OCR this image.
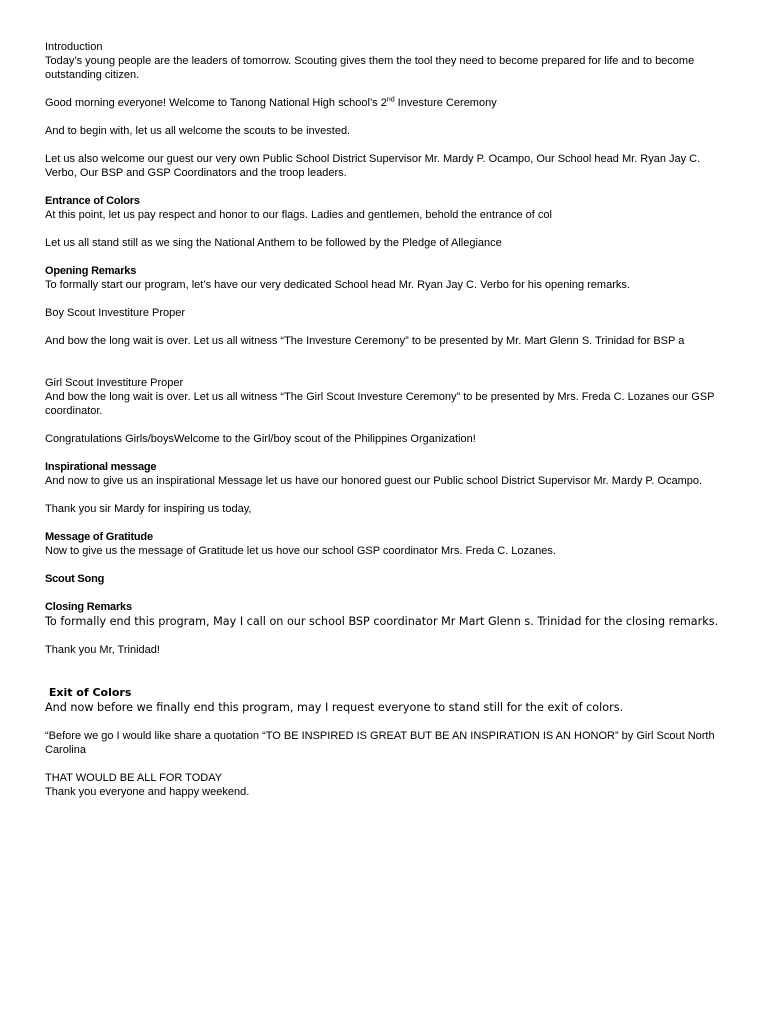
Introduction
Today’s young people are the leaders of tomorrow. Scouting gives them the tool they need to become prepared for life and to become outstanding citizen.
Good morning everyone! Welcome to Tanong National High school’s 2nd Investure Ceremony
And to begin with, let us all welcome the scouts to be invested.
Let us also welcome our guest our very own Public School District Supervisor Mr. Mardy P. Ocampo, Our School head Mr. Ryan Jay C. Verbo, Our BSP and GSP Coordinators and the troop leaders.
Entrance of Colors
At this point, let us pay respect and honor to our flags. Ladies and gentlemen, behold the entrance of col
Let us all stand still as we sing the National Anthem to be followed by the Pledge of Allegiance
Opening Remarks
To formally start our program, let’s have our very dedicated School head Mr. Ryan Jay C. Verbo for his opening remarks.
Boy Scout Investiture Proper
And bow the long wait is over. Let us all witness “The Investure Ceremony” to be presented by Mr. Mart Glenn S. Trinidad for BSP a
Girl Scout Investiture Proper
And bow the long wait is over. Let us all witness “The Girl Scout Investure Ceremony” to be presented by Mrs. Freda C. Lozanes our GSP coordinator.
Congratulations Girls/boysWelcome to the Girl/boy scout of the Philippines Organization!
Inspirational message
And now to give us an inspirational Message let us have our honored guest our Public school District Supervisor Mr. Mardy P. Ocampo.
Thank you sir Mardy for inspiring us today,
Message of Gratitude
Now to give us the message of Gratitude let us hove our school GSP coordinator Mrs. Freda C. Lozanes.
Scout Song
Closing Remarks
To formally end this program, May I call on our school BSP coordinator Mr Mart Glenn s. Trinidad for the closing remarks.
Thank you Mr, Trinidad!
Exit of Colors
And now before we finally end this program, may I request everyone to stand still for the exit of colors.
“Before we go I would like share a quotation “TO BE INSPIRED IS GREAT BUT BE AN INSPIRATION IS AN HONOR” by Girl Scout North Carolina
THAT WOULD BE ALL FOR TODAY
Thank you everyone and happy weekend.
